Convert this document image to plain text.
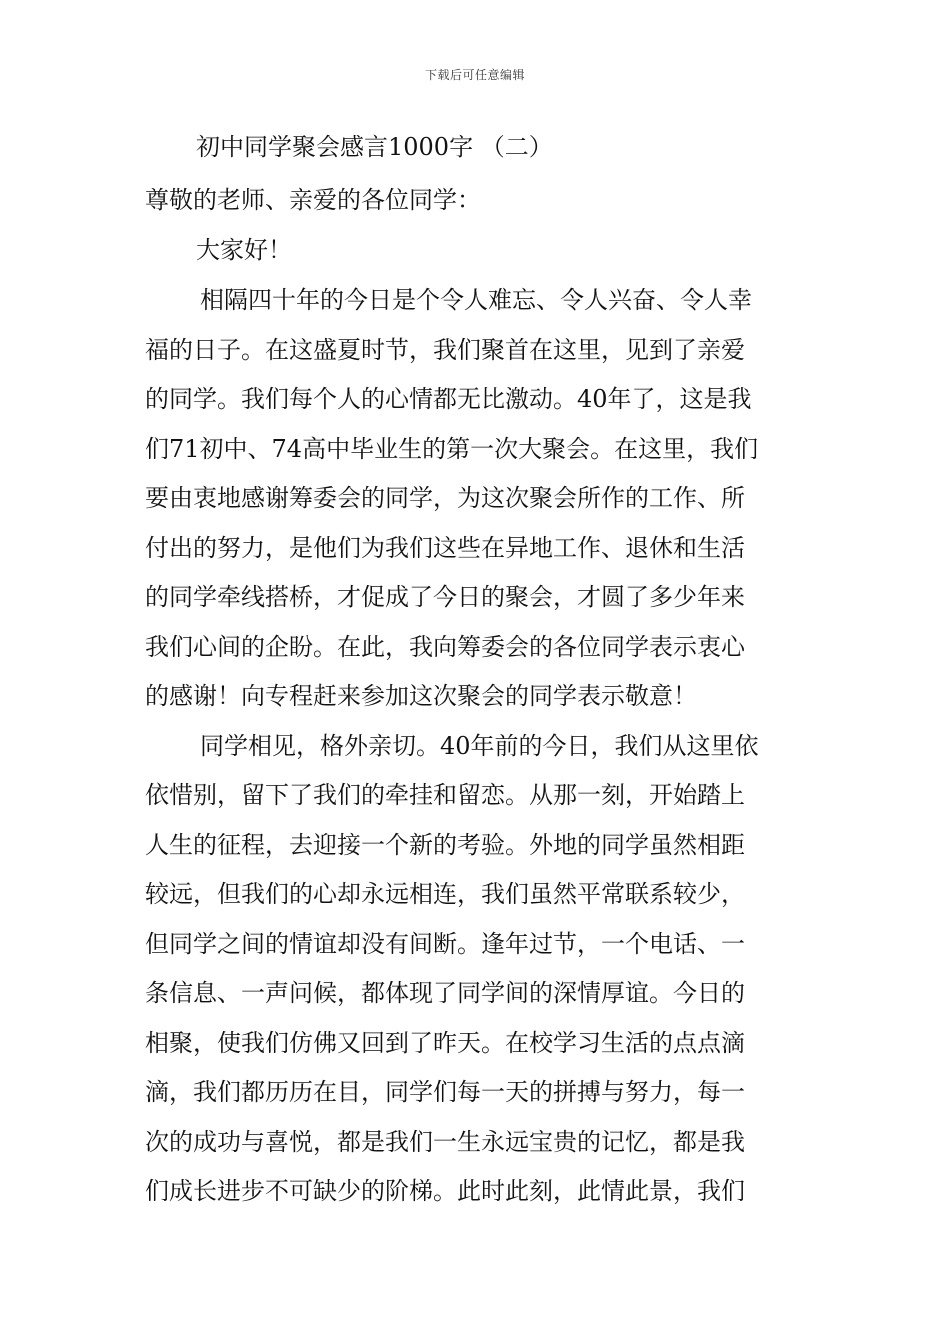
下载后可任意编辑
初中同学聚会感言1000字 （二）
尊敬的老师、亲爱的各位同学：
大家好！
相隔四十年的今日是个令人难忘、令人兴奋、令人幸
福的日子。在这盛夏时节，我们聚首在这里，见到了亲爱
的同学。我们每个人的心情都无比激动。40年了，这是我
们71初中、74高中毕业生的第一次大聚会。在这里，我们
要由衷地感谢筹委会的同学，为这次聚会所作的工作、所
付出的努力，是他们为我们这些在异地工作、退休和生活
的同学牵线搭桥，才促成了今日的聚会，才圆了多少年来
我们心间的企盼。在此，我向筹委会的各位同学表示衷心
的感谢！向专程赶来参加这次聚会的同学表示敬意！
同学相见，格外亲切。40年前的今日，我们从这里依
依惜别，留下了我们的牵挂和留恋。从那一刻，开始踏上
人生的征程，去迎接一个新的考验。外地的同学虽然相距
较远，但我们的心却永远相连，我们虽然平常联系较少，
但同学之间的情谊却没有间断。逢年过节，一个电话、一
条信息、一声问候，都体现了同学间的深情厚谊。今日的
相聚，使我们仿佛又回到了昨天。在校学习生活的点点滴
滴，我们都历历在目，同学们每一天的拼搏与努力，每一
次的成功与喜悦，都是我们一生永远宝贵的记忆，都是我
们成长进步不可缺少的阶梯。此时此刻，此情此景，我们
